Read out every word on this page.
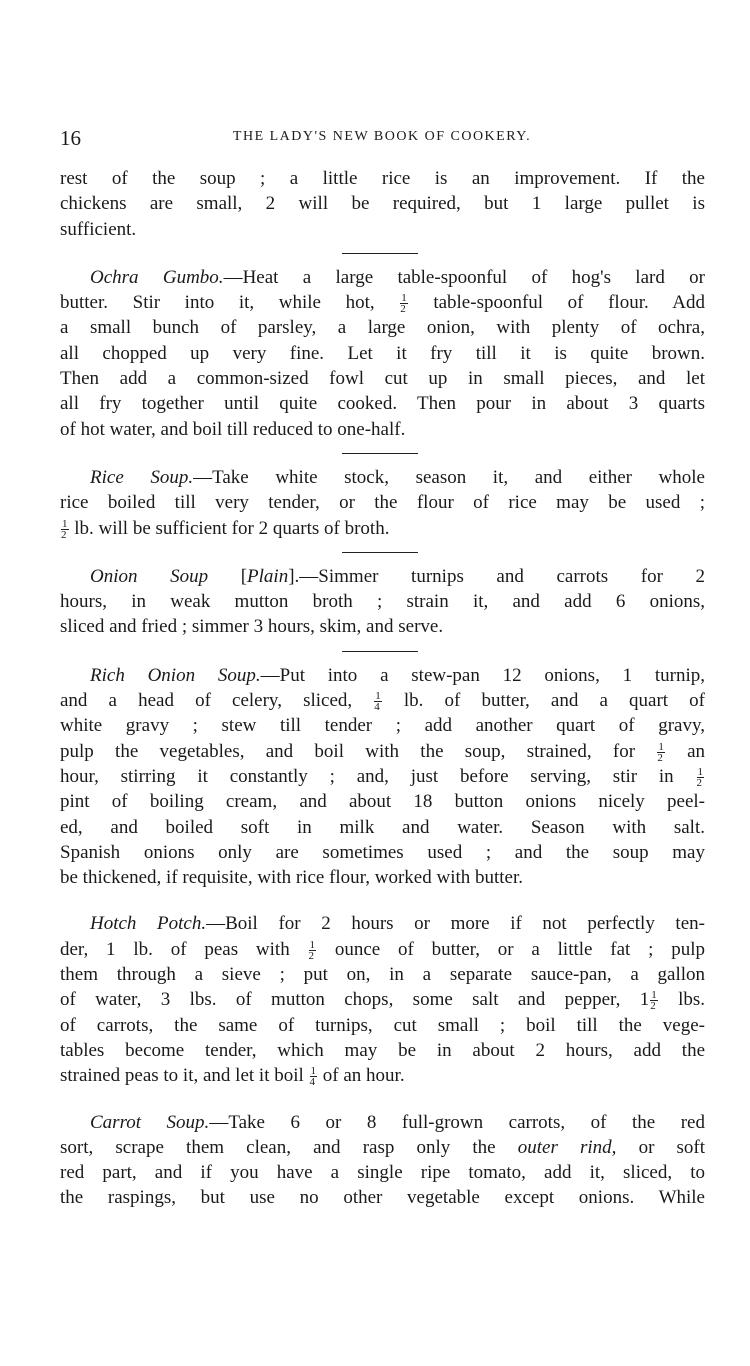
16	THE LADY'S NEW BOOK OF COOKERY.
rest of the soup ; a little rice is an improvement. If the
chickens are small, 2 will be required, but 1 large pullet is
sufficient.
Ochra Gumbo.—Heat a large table-spoonful of hog's lard or
butter. Stir into it, while hot, $\frac{1}{2}$ table-spoonful of flour. Add
a small bunch of parsley, a large onion, with plenty of ochra,
all chopped up very fine. Let it fry till it is quite brown.
Then add a common-sized fowl cut up in small pieces, and let
all fry together until quite cooked. Then pour in about 3 quarts
of hot water, and boil till reduced to one-half.
Rice Soup.—Take white stock, season it, and either whole
rice boiled till very tender, or the flour of rice may be used ;
$\frac{1}{2}$ lb. will be sufficient for 2 quarts of broth.
Onion Soup [Plain].—Simmer turnips and carrots for 2
hours, in weak mutton broth ; strain it, and add 6 onions,
sliced and fried ; simmer 3 hours, skim, and serve.
Rich Onion Soup.—Put into a stew-pan 12 onions, 1 turnip,
and a head of celery, sliced, $\frac{1}{4}$ lb. of butter, and a quart of
white gravy ; stew till tender ; add another quart of gravy,
pulp the vegetables, and boil with the soup, strained, for $\frac{1}{2}$ an
hour, stirring it constantly ; and, just before serving, stir in $\frac{1}{2}$
pint of boiling cream, and about 18 button onions nicely peel-
ed, and boiled soft in milk and water. Season with salt.
Spanish onions only are sometimes used ; and the soup may
be thickened, if requisite, with rice flour, worked with butter.
Hotch Potch.—Boil for 2 hours or more if not perfectly ten-
der, 1 lb. of peas with $\frac{1}{2}$ ounce of butter, or a little fat ; pulp
them through a sieve ; put on, in a separate sauce-pan, a gallon
of water, 3 lbs. of mutton chops, some salt and pepper, $1 \frac{1}{2}$ lbs.
of carrots, the same of turnips, cut small ; boil till the vege-
tables become tender, which may be in about 2 hours, add the
strained peas to it, and let it boil $\frac{1}{4}$ of an hour.
Carrot Soup.—Take 6 or 8 full-grown carrots, of the red
sort, scrape them clean, and rasp only the outer rind, or soft
red part, and if you have a single ripe tomato, add it, sliced, to
the raspings, but use no other vegetable except onions. While
